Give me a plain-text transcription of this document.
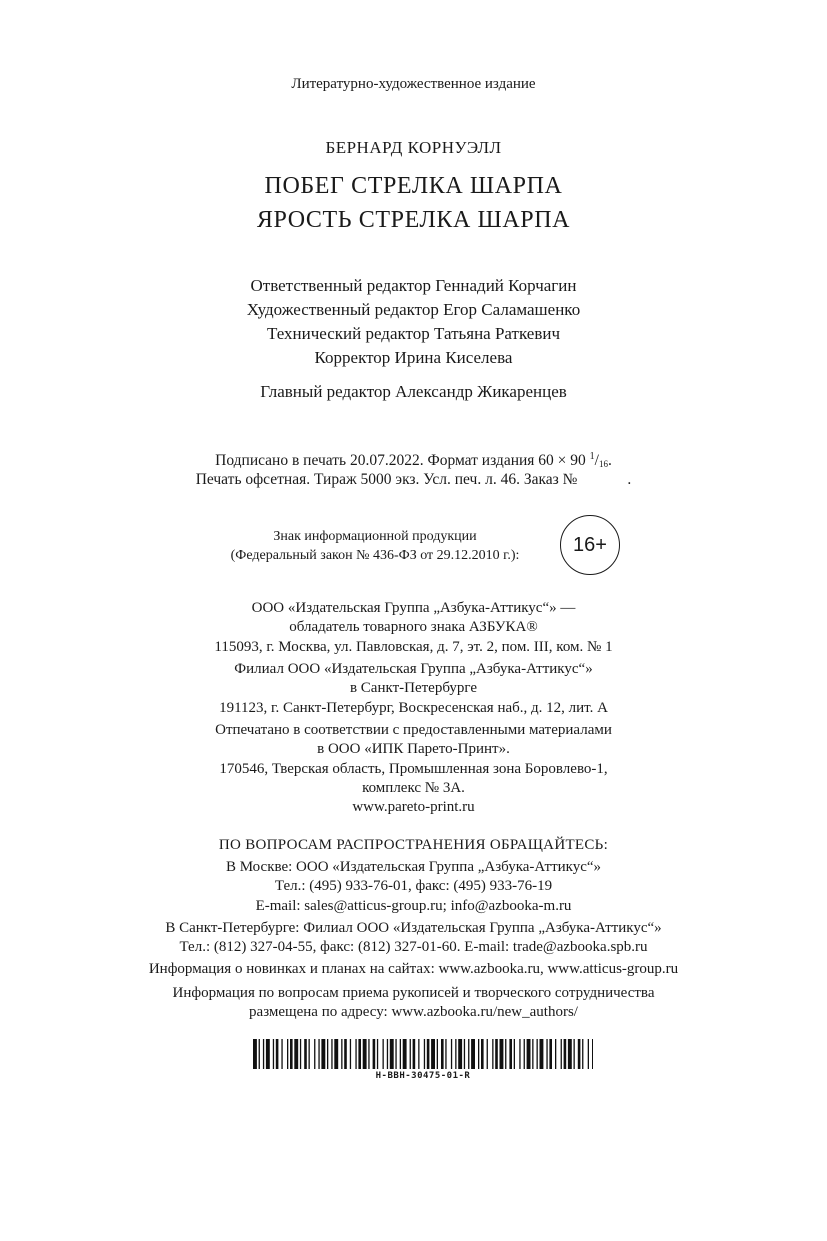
Литературно-художественное издание
БЕРНАРД КОРНУЭЛЛ
ПОБЕГ СТРЕЛКА ШАРПА
ЯРОСТЬ СТРЕЛКА ШАРПА
Ответственный редактор Геннадий Корчагин
Художественный редактор Егор Саламашенко
Технический редактор Татьяна Раткевич
Корректор Ирина Киселева
Главный редактор Александр Жикаренцев
Подписано в печать 20.07.2022. Формат издания 60 × 90 $^1/_{16}$.
Печать офсетная. Тираж 5000 экз. Усл. печ. л. 46. Заказ №	.
Знак информационной продукции
(Федеральный закон № 436-ФЗ от 29.12.2010 г.):	16+
ООО «Издательская Группа „Азбука-Аттикус“» —
обладатель товарного знака АЗБУКА®
115093, г. Москва, ул. Павловская, д. 7, эт. 2, пом. III, ком. № 1
Филиал ООО «Издательская Группа „Азбука-Аттикус“»
в Санкт-Петербурге
191123, г. Санкт-Петербург, Воскресенская наб., д. 12, лит. А
Отпечатано в соответствии с предоставленными материалами
в ООО «ИПК Парето-Принт».
170546, Тверская область, Промышленная зона Боровлево-1,
комплекс № 3А.
www.pareto-print.ru
ПО ВОПРОСАМ РАСПРОСТРАНЕНИЯ ОБРАЩАЙТЕСЬ:
В Москве: ООО «Издательская Группа „Азбука-Аттикус“»
Тел.: (495) 933-76-01, факс: (495) 933-76-19
E-mail: sales@atticus-group.ru; info@azbooka-m.ru
В Санкт-Петербурге: Филиал ООО «Издательская Группа „Азбука-Аттикус“»
Тел.: (812) 327-04-55, факс: (812) 327-01-60. E-mail: trade@azbooka.spb.ru
Информация о новинках и планах на сайтах: www.azbooka.ru, www.atticus-group.ru
Информация по вопросам приема рукописей и творческого сотрудничества
размещена по адресу: www.azbooka.ru/new_authors/
H-BBH-30475-01-R
